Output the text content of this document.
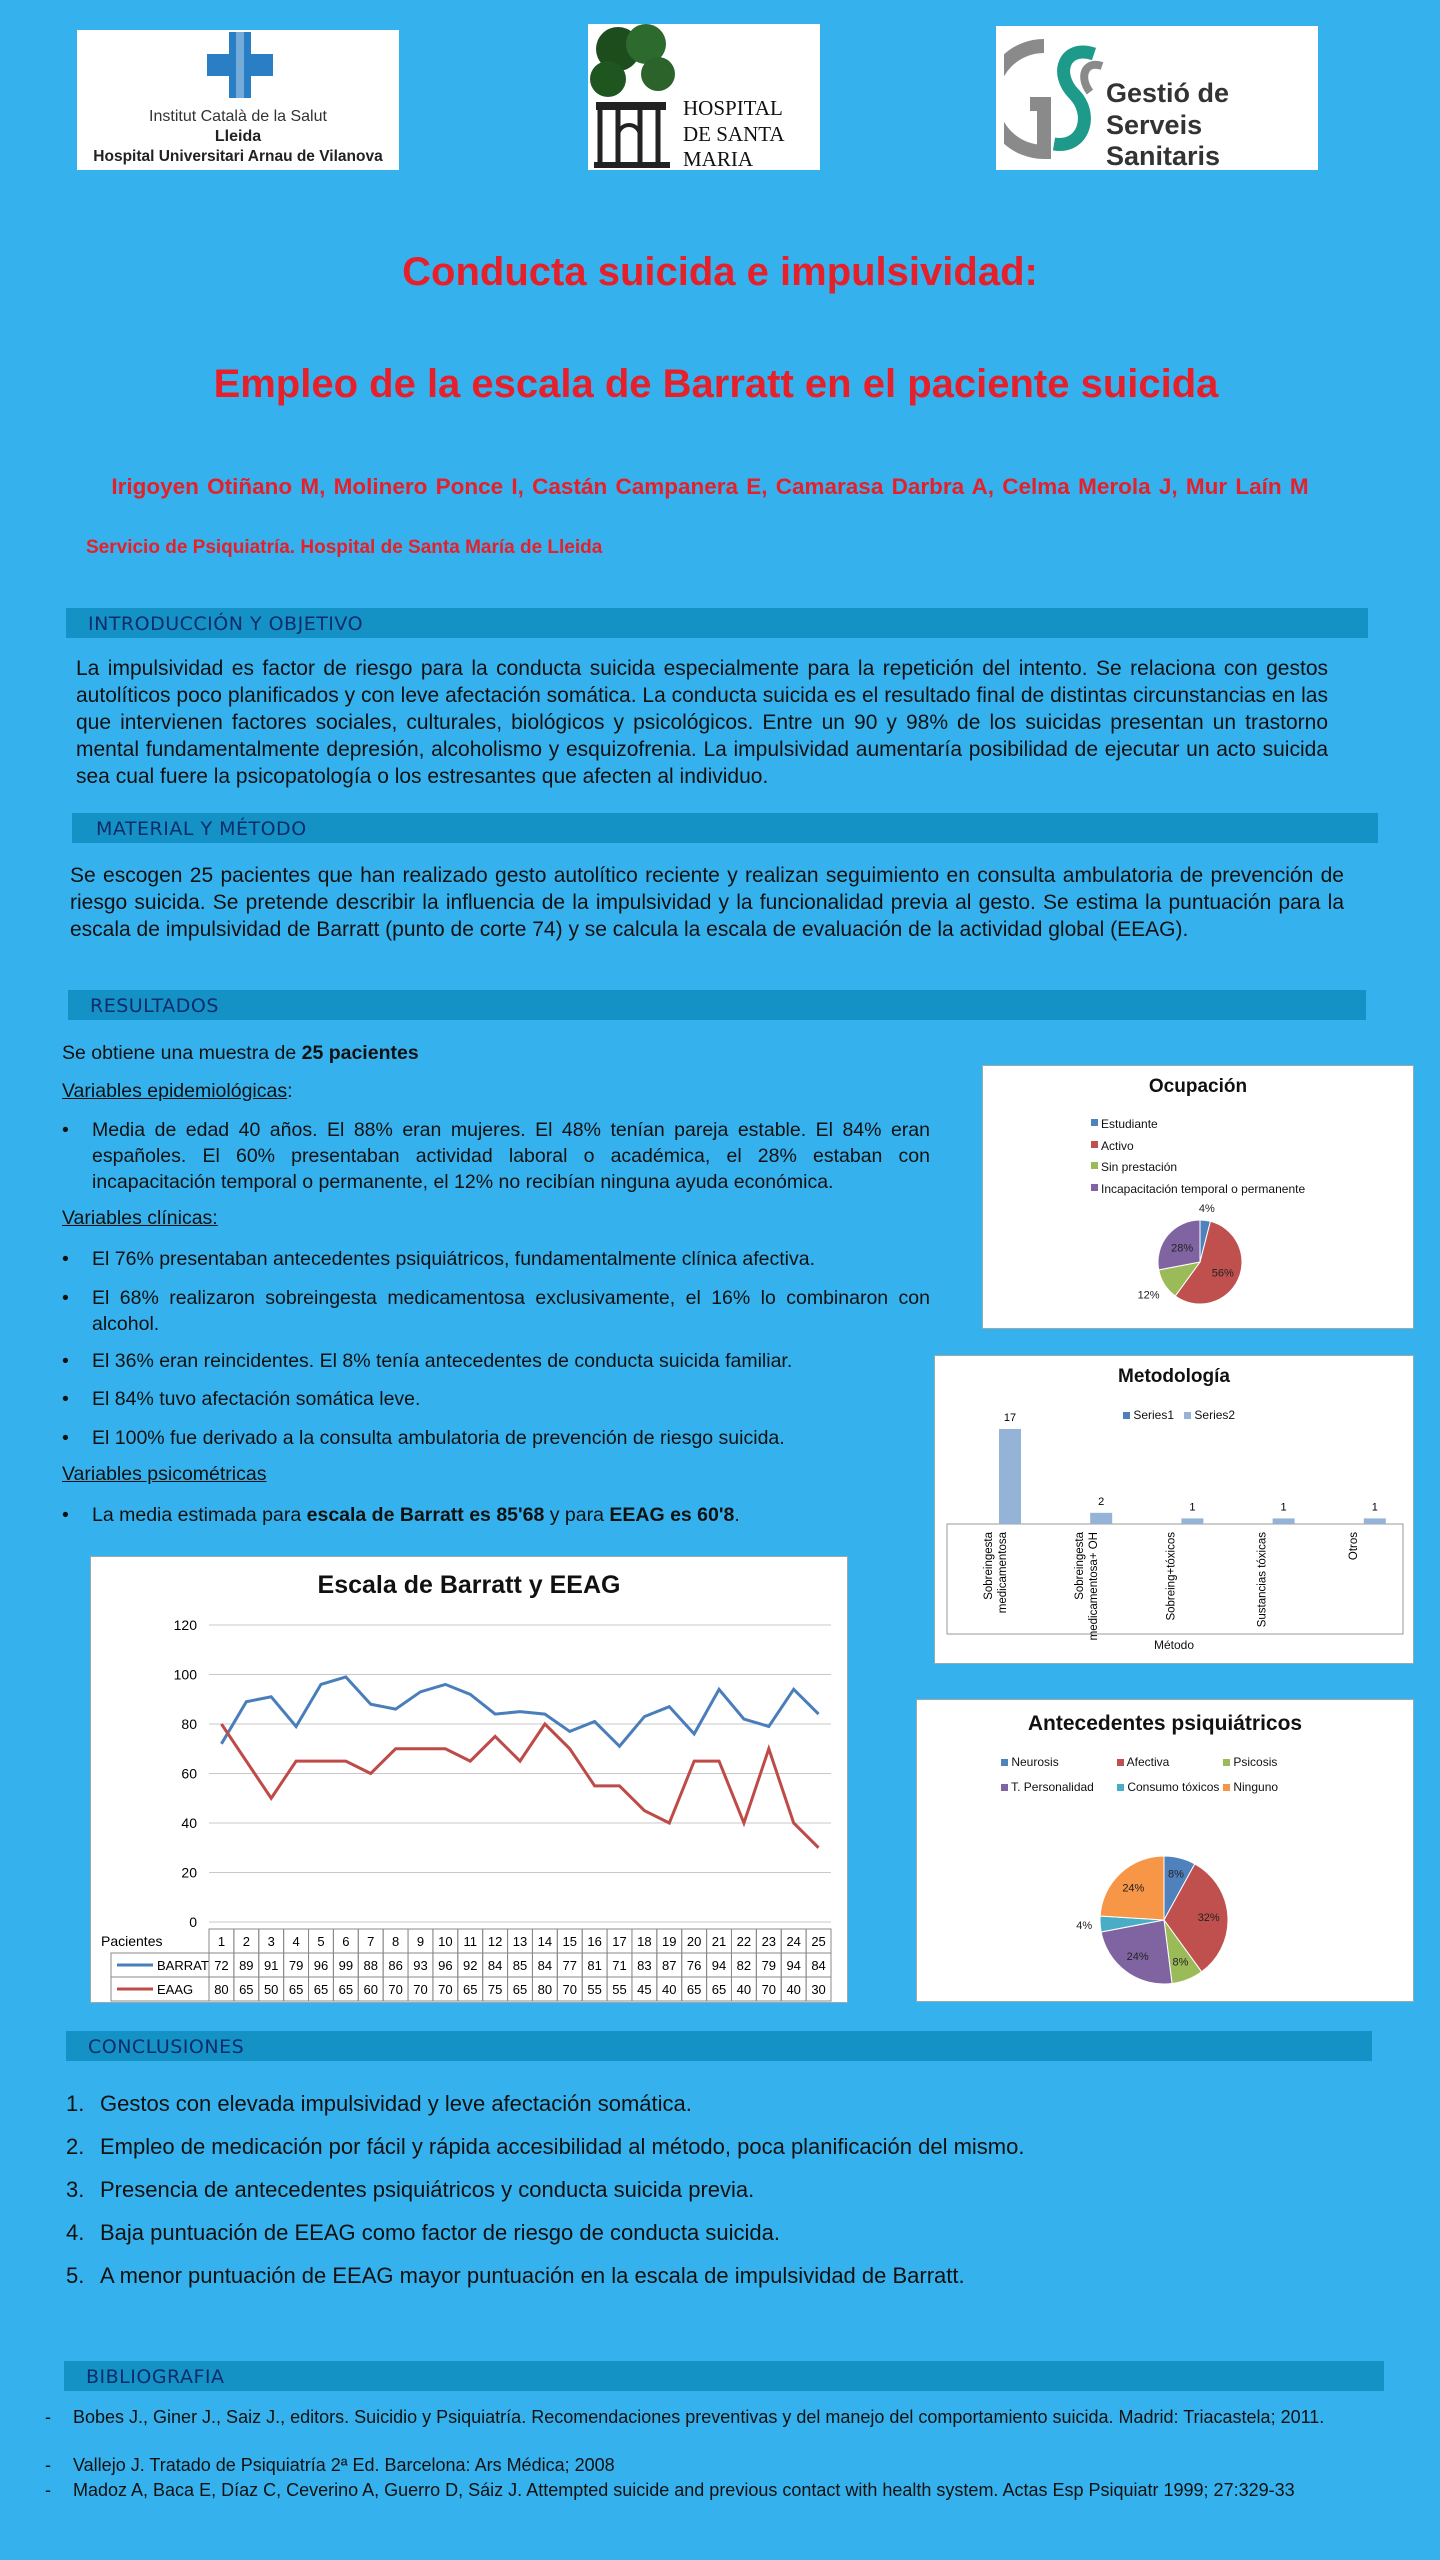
Institut Català de la Salut
Lleida
Hospital Universitari Arnau de Vilanova
HOSPITAL
DE SANTA MARIA
Gestió de
Serveis Sanitaris
Conducta suicida e impulsividad:
Empleo de la escala de Barratt en el paciente suicida
Irigoyen Otiñano M, Molinero Ponce I, Castán Campanera E, Camarasa Darbra A, Celma Merola J, Mur Laín M
Servicio de Psiquiatría. Hospital de Santa María de Lleida
INTRODUCCIÓN Y OBJETIVO
La impulsividad es factor de riesgo para la conducta suicida especialmente para la repetición del intento. Se relaciona con gestos autolíticos poco planificados y con leve afectación somática. La conducta suicida es el resultado final de distintas circunstancias en las que intervienen factores sociales, culturales, biológicos y psicológicos. Entre un 90 y 98% de los suicidas presentan un trastorno mental fundamentalmente depresión, alcoholismo y esquizofrenia. La impulsividad aumentaría posibilidad de ejecutar un acto suicida sea cual fuere la psicopatología o los estresantes que afecten al individuo.
MATERIAL Y MÉTODO
Se escogen 25 pacientes que han realizado gesto autolítico reciente y realizan seguimiento en consulta ambulatoria de prevención de riesgo suicida. Se pretende describir la influencia de la impulsividad y la funcionalidad previa al gesto. Se estima la puntuación para la escala de impulsividad de Barratt (punto de corte 74) y se calcula la escala de evaluación de la actividad global (EEAG).
RESULTADOS
Se obtiene una muestra de 25 pacientes
Variables epidemiológicas:
• Media de edad 40 años. El 88% eran mujeres. El 48% tenían pareja estable. El 84% eran españoles. El 60% presentaban actividad laboral o académica, el 28% estaban con incapacitación temporal o permanente, el 12% no recibían ninguna ayuda económica.
Variables clínicas:
• El 76% presentaban antecedentes psiquiátricos, fundamentalmente clínica afectiva.
• El 68% realizaron sobreingesta medicamentosa exclusivamente, el 16% lo combinaron con alcohol.
• El 36% eran reincidentes. El 8% tenía antecedentes de conducta suicida familiar.
• El 84% tuvo afectación somática leve.
• El 100% fue derivado a la consulta ambulatoria de prevención de riesgo suicida.
Variables psicométricas
• La media estimada para escala de Barratt es 85'68 y para EEAG es 60'8.
Ocupación
Estudiante
Activo
Sin prestación
Incapacitación temporal o permanente
4%
56%
12%
28%
Metodología
Series1 Series2
17
Sobreingesta medicamentosa
2
Sobreingesta medicamentosa+ OH
1
Sobreing+tóxicos
1
Sustancias tóxicas
1
Otros
Método
Antecedentes psiquiátricos
Neurosis	Afectiva	Psicosis
T. Personalidad	Consumo tóxicos	Ninguno
8%
32%
8%
24%
4%
24%
Escala de Barratt y EEAG
0
20
40
60
80
100
120
Pacientes	1 2 3 4 5 6 7 8 9 10 11 12 13 14 15 16 17 18 19 20 21 22 23 24 25
BARRAT 72 89 91 79 96 99 88 86 93 96 92 84 85 84 77 81 71 83 87 76 94 82 79 94 84
EAAG 80 65 50 65 65 65 60 70 70 70 65 75 65 80 70 55 55 45 40 65 65 40 70 40 30
CONCLUSIONES
1. Gestos con elevada impulsividad y leve afectación somática.
2. Empleo de medicación por fácil y rápida accesibilidad al método, poca planificación del mismo.
3. Presencia de antecedentes psiquiátricos y conducta suicida previa.
4. Baja puntuación de EEAG como factor de riesgo de conducta suicida.
5. A menor puntuación de EEAG mayor puntuación en la escala de impulsividad de Barratt.
BIBLIOGRAFIA
- Bobes J., Giner J., Saiz J., editors. Suicidio y Psiquiatría. Recomendaciones preventivas y del manejo del comportamiento suicida. Madrid: Triacastela; 2011.
- Vallejo J. Tratado de Psiquiatría 2ª Ed. Barcelona: Ars Médica; 2008
- Madoz A, Baca E, Díaz C, Ceverino A, Guerro D, Sáiz J. Attempted suicide and previous contact with health system. Actas Esp Psiquiatr 1999; 27:329-33
